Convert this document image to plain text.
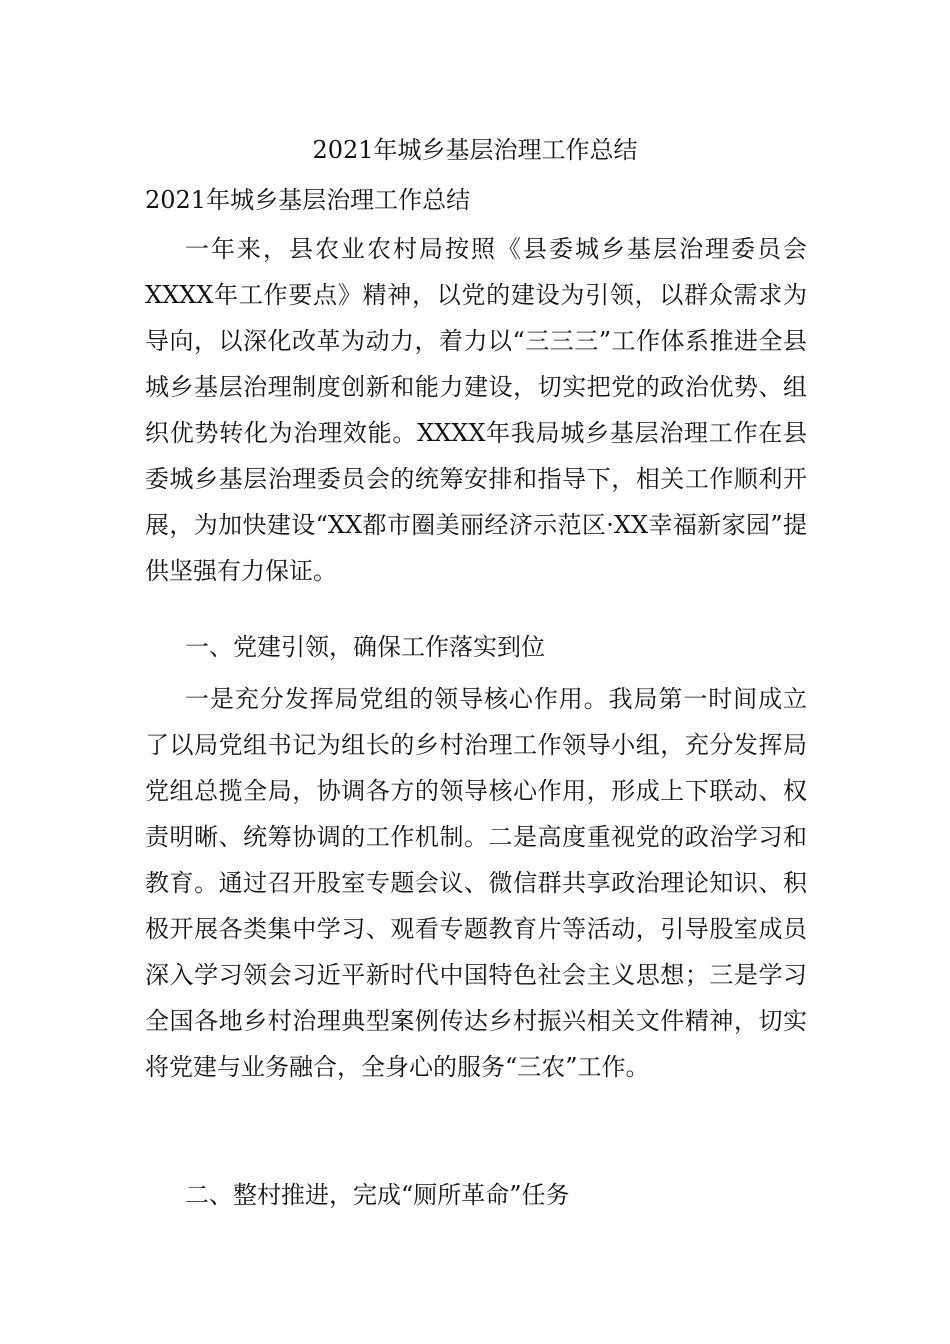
2021年城乡基层治理工作总结
2021年城乡基层治理工作总结

一年来，县农业农村局按照《县委城乡基层治理委员会XXXX年工作要点》精神，以党的建设为引领，以群众需求为导向，以深化改革为动力，着力以“三三三”工作体系推进全县城乡基层治理制度创新和能力建设，切实把党的政治优势、组织优势转化为治理效能。XXXX年我局城乡基层治理工作在县委城乡基层治理委员会的统筹安排和指导下，相关工作顺利开展，为加快建设“XX都市圈美丽经济示范区·XX幸福新家园”提供坚强有力保证。

一、党建引领，确保工作落实到位

一是充分发挥局党组的领导核心作用。我局第一时间成立了以局党组书记为组长的乡村治理工作领导小组，充分发挥局党组总揽全局，协调各方的领导核心作用，形成上下联动、权责明晰、统筹协调的工作机制。二是高度重视党的政治学习和教育。通过召开股室专题会议、微信群共享政治理论知识、积极开展各类集中学习、观看专题教育片等活动，引导股室成员深入学习领会习近平新时代中国特色社会主义思想；三是学习全国各地乡村治理典型案例传达乡村振兴相关文件精神，切实将党建与业务融合，全身心的服务“三农”工作。

二、整村推进，完成“厕所革命”任务
